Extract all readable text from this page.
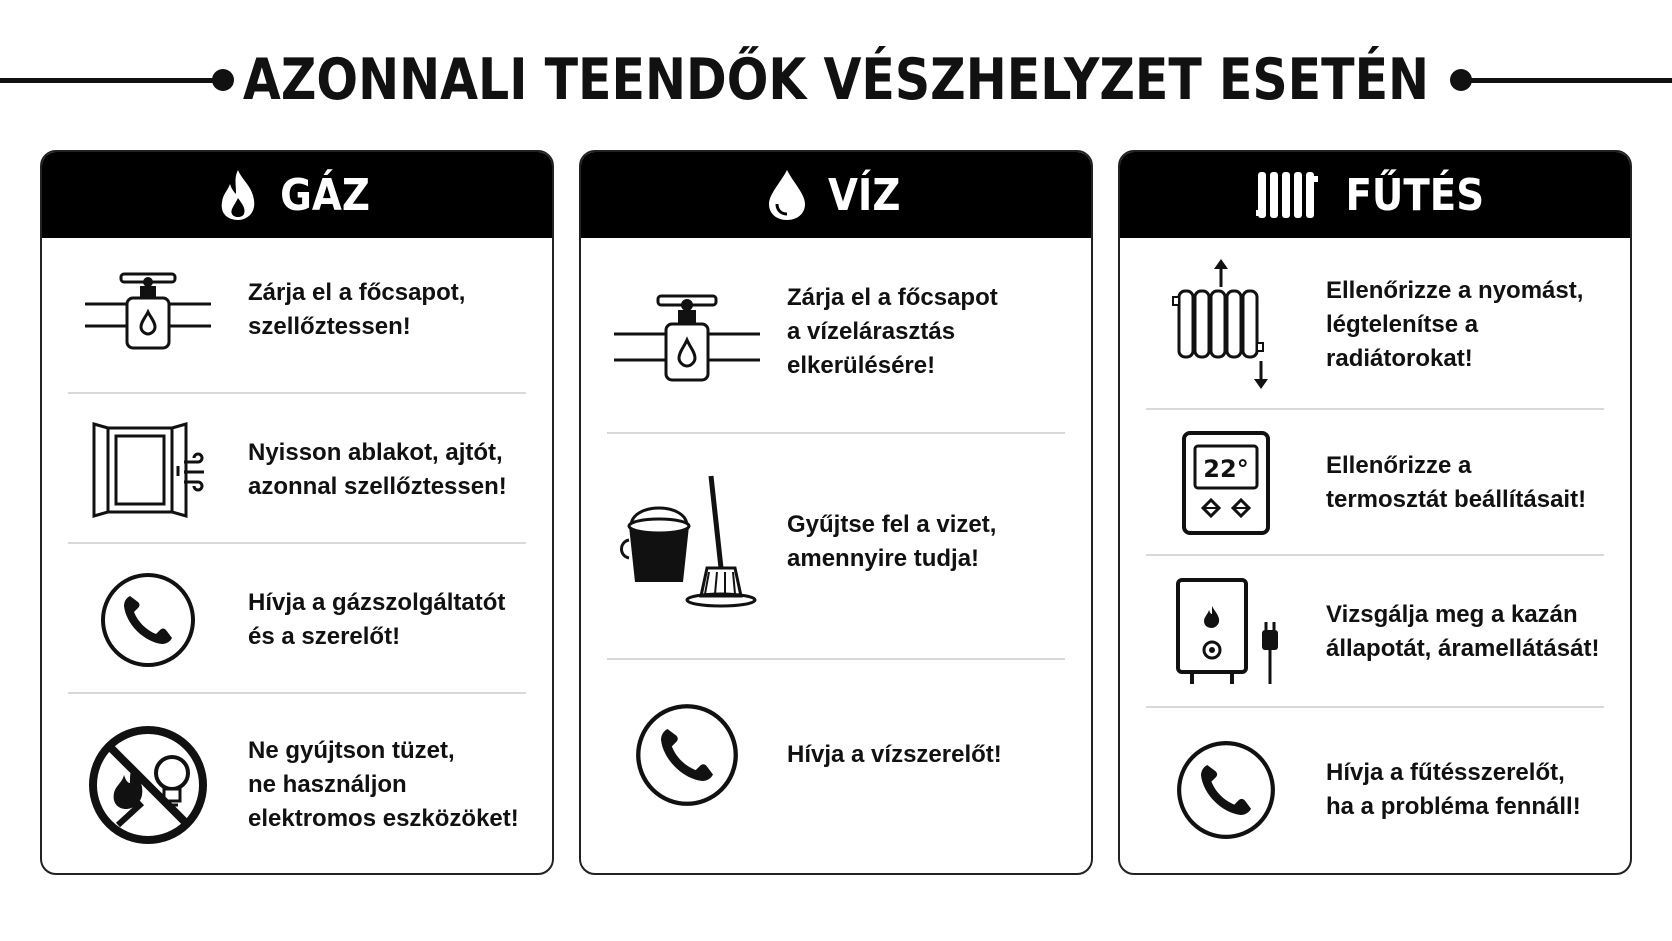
AZONNALI TEENDŐK VÉSZHELYZET ESETÉN
GÁZ
Zárja el a főcsapot,
szellőztessen!
Nyisson ablakot, ajtót,
azonnal szellőztessen!
Hívja a gázszolgáltatót
és a szerelőt!
Ne gyújtson tüzet,
ne használjon
elektromos eszközöket!
VÍZ
Zárja el a főcsapot
a vízelárasztás
elkerülésére!
Gyűjtse fel a vizet,
amennyire tudja!
Hívja a vízszerelőt!
FŰTÉS
Ellenőrizze a nyomást,
légtelenítse a
radiátorokat!
22°	Ellenőrizze a
termosztát beállításait!
Vizsgálja meg a kazán
állapotát, áramellátását!
Hívja a fűtésszerelőt,
ha a probléma fennáll!
